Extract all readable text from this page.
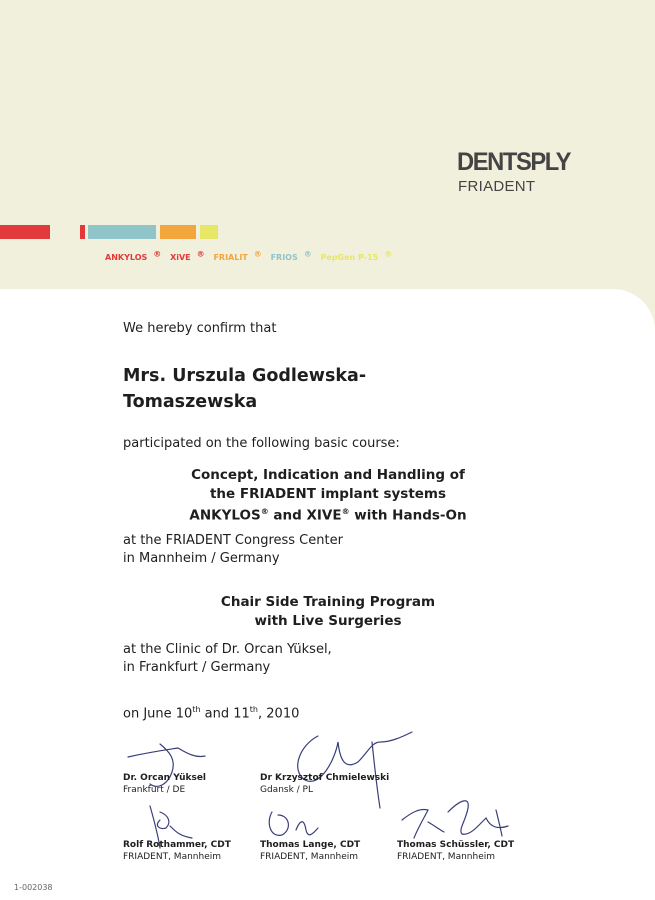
DENTSPLY
FRIADENT
ANKYLOS ® XiVE ® FRIALIT ® FRIOS ® PepGen P-15 ®
We hereby confirm that
Mrs. Urszula Godlewska-
Tomaszewska
participated on the following basic course:
Concept, Indication and Handling of
the FRIADENT implant systems
ANKYLOS® and XIVE® with Hands-On
at the FRIADENT Congress Center
in Mannheim / Germany
Chair Side Training Program
with Live Surgeries
at the Clinic of Dr. Orcan Yüksel,
in Frankfurt / Germany
on June 10th and 11th, 2010
Dr. Orcan Yüksel
Frankfurt / DE
Dr Krzysztof Chmielewski
Gdansk / PL
Rolf Rothammer, CDT
FRIADENT, Mannheim
Thomas Lange, CDT
FRIADENT, Mannheim
Thomas Schüssler, CDT
FRIADENT, Mannheim
1-002038
